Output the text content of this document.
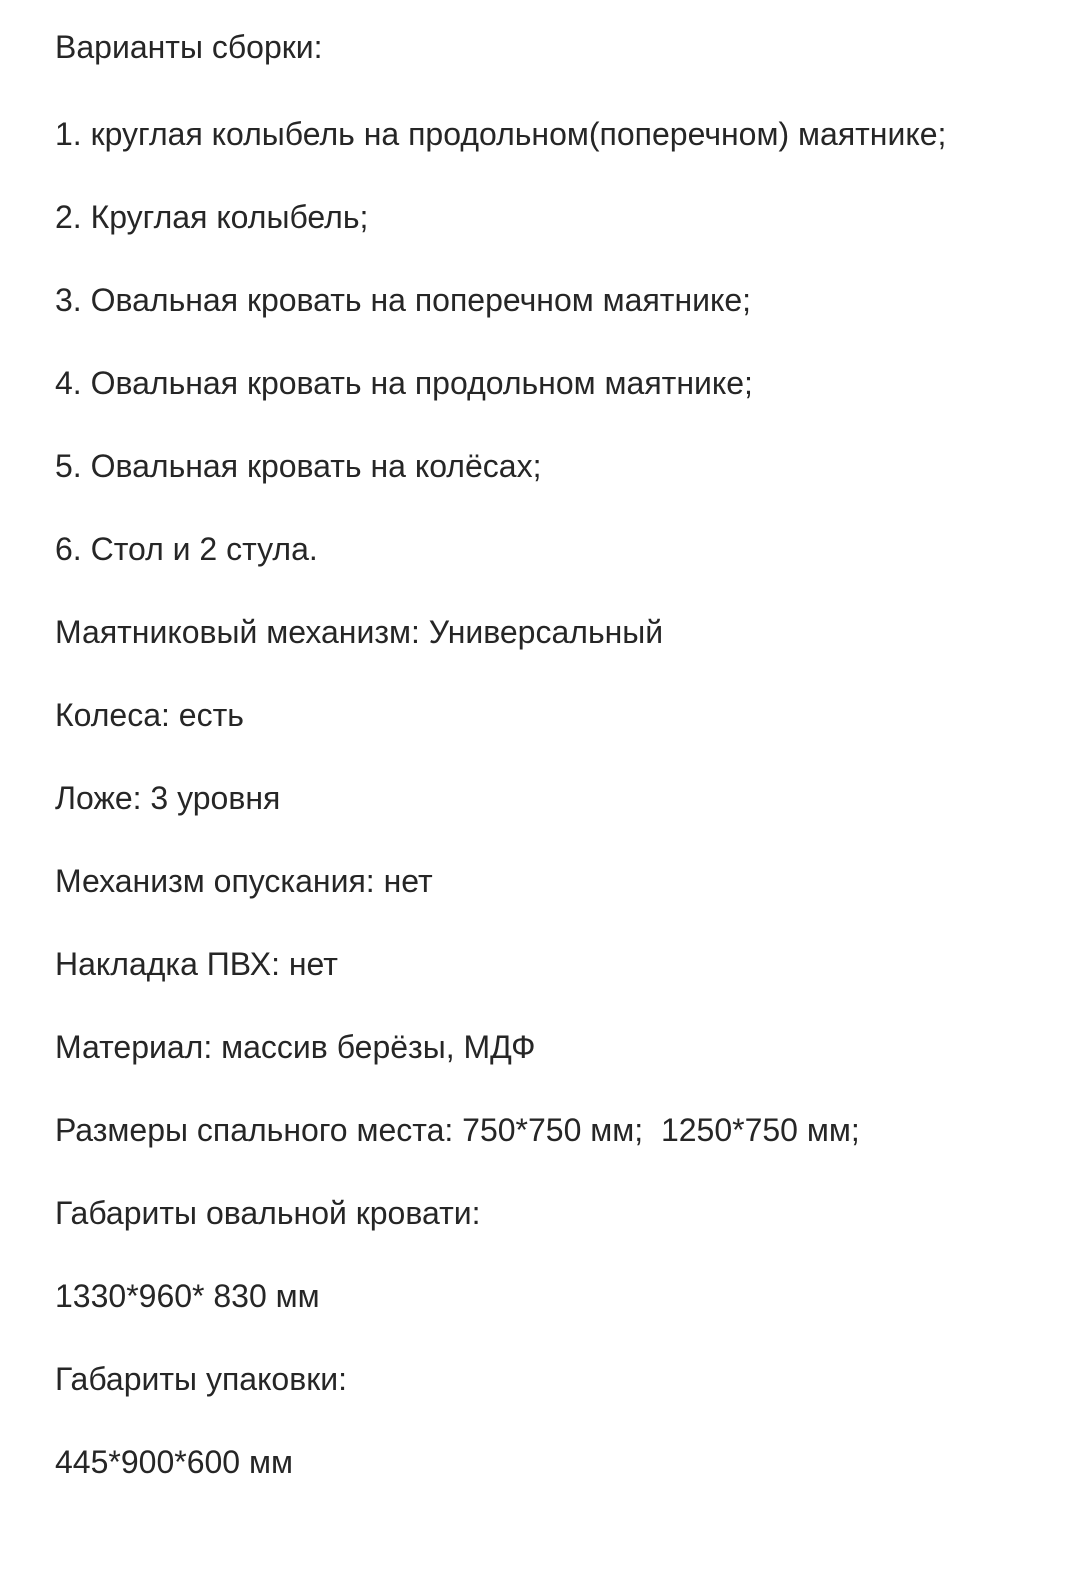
Варианты сборки:

1. круглая колыбель на продольном(поперечном) маятнике;

2. Круглая колыбель;

3. Овальная кровать на поперечном маятнике;

4. Овальная кровать на продольном маятнике;

5. Овальная кровать на колёсах;

6. Стол и 2 стула.

Маятниковый механизм: Универсальный

Колеса: есть

Ложе: 3 уровня

Механизм опускания: нет

Накладка ПВХ: нет

Материал: массив берёзы, МДФ

Размеры спального места: 750*750 мм;  1250*750 мм;

Габариты овальной кровати:

1330*960* 830 мм

Габариты упаковки:

445*900*600 мм
